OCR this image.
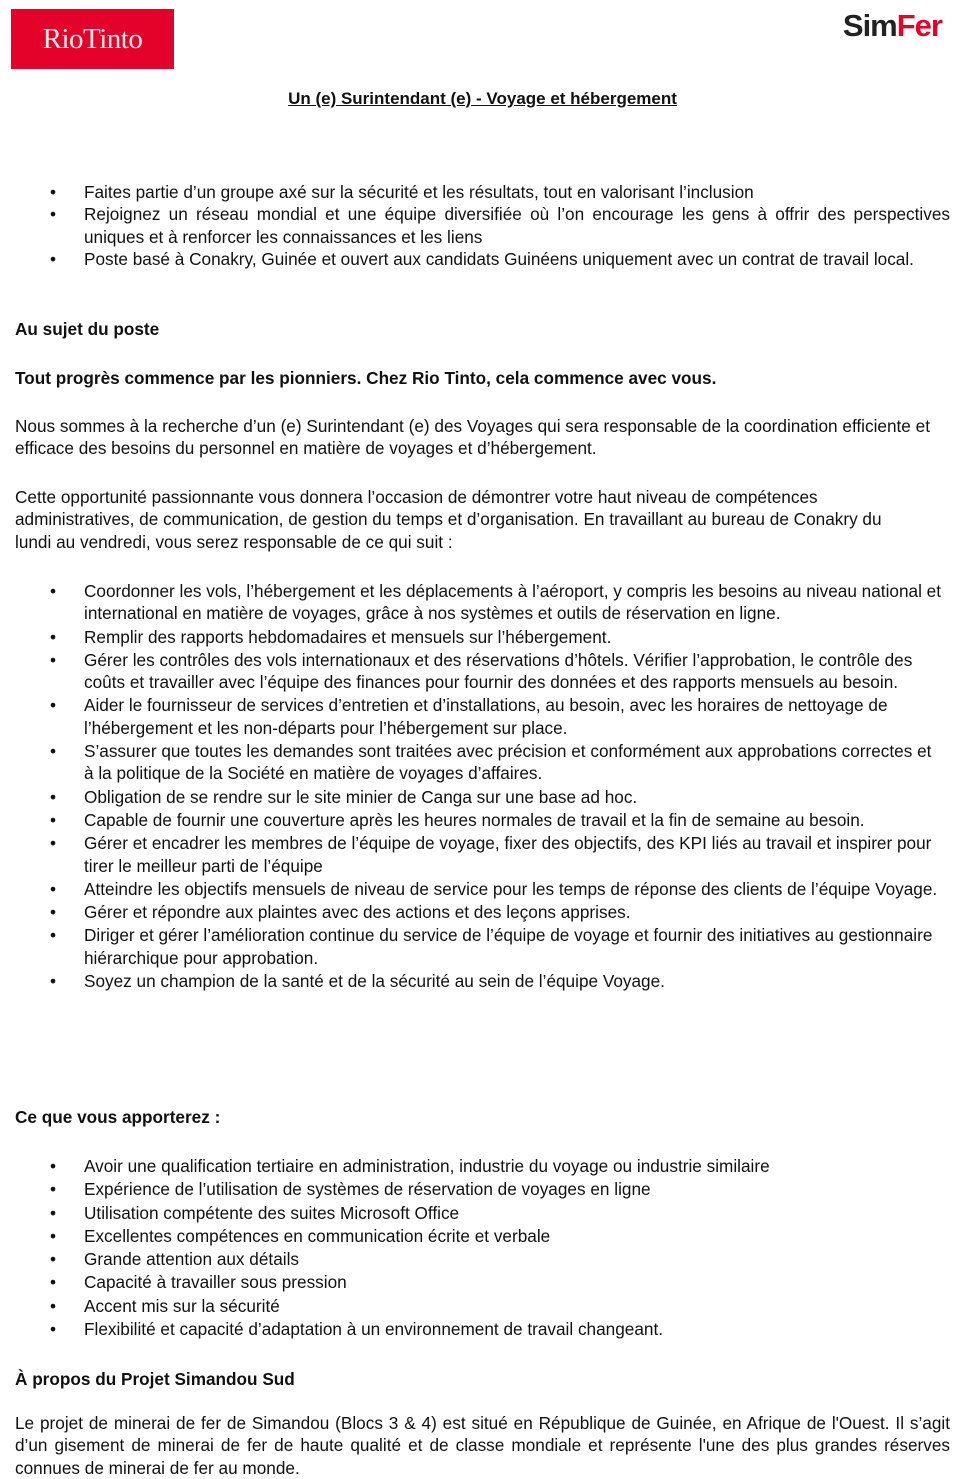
RioTinto	SimFer
Un (e) Surintendant (e) - Voyage et hébergement
• Faites partie d’un groupe axé sur la sécurité et les résultats, tout en valorisant l’inclusion
• Rejoignez un réseau mondial et une équipe diversifiée où l’on encourage les gens à offrir des perspectives uniques et à renforcer les connaissances et les liens
• Poste basé à Conakry, Guinée et ouvert aux candidats Guinéens uniquement avec un contrat de travail local.
Au sujet du poste
Tout progrès commence par les pionniers. Chez Rio Tinto, cela commence avec vous.
Nous sommes à la recherche d’un (e) Surintendant (e) des Voyages qui sera responsable de la coordination efficiente et efficace des besoins du personnel en matière de voyages et d’hébergement.
Cette opportunité passionnante vous donnera l’occasion de démontrer votre haut niveau de compétences administratives, de communication, de gestion du temps et d’organisation. En travaillant au bureau de Conakry du lundi au vendredi, vous serez responsable de ce qui suit :
• Coordonner les vols, l’hébergement et les déplacements à l’aéroport, y compris les besoins au niveau national et international en matière de voyages, grâce à nos systèmes et outils de réservation en ligne.
• Remplir des rapports hebdomadaires et mensuels sur l’hébergement.
• Gérer les contrôles des vols internationaux et des réservations d’hôtels. Vérifier l’approbation, le contrôle des coûts et travailler avec l’équipe des finances pour fournir des données et des rapports mensuels au besoin.
• Aider le fournisseur de services d’entretien et d’installations, au besoin, avec les horaires de nettoyage de l’hébergement et les non-départs pour l’hébergement sur place.
• S’assurer que toutes les demandes sont traitées avec précision et conformément aux approbations correctes et à la politique de la Société en matière de voyages d’affaires.
• Obligation de se rendre sur le site minier de Canga sur une base ad hoc.
• Capable de fournir une couverture après les heures normales de travail et la fin de semaine au besoin.
• Gérer et encadrer les membres de l’équipe de voyage, fixer des objectifs, des KPI liés au travail et inspirer pour tirer le meilleur parti de l’équipe
• Atteindre les objectifs mensuels de niveau de service pour les temps de réponse des clients de l’équipe Voyage.
• Gérer et répondre aux plaintes avec des actions et des leçons apprises.
• Diriger et gérer l’amélioration continue du service de l’équipe de voyage et fournir des initiatives au gestionnaire hiérarchique pour approbation.
• Soyez un champion de la santé et de la sécurité au sein de l’équipe Voyage.
Ce que vous apporterez :
• Avoir une qualification tertiaire en administration, industrie du voyage ou industrie similaire
• Expérience de l’utilisation de systèmes de réservation de voyages en ligne
• Utilisation compétente des suites Microsoft Office
• Excellentes compétences en communication écrite et verbale
• Grande attention aux détails
• Capacité à travailler sous pression
• Accent mis sur la sécurité
• Flexibilité et capacité d’adaptation à un environnement de travail changeant.
À propos du Projet Simandou Sud
Le projet de minerai de fer de Simandou (Blocs 3 & 4) est situé en République de Guinée, en Afrique de l'Ouest. Il s’agit d’un gisement de minerai de fer de haute qualité et de classe mondiale et représente l'une des plus grandes réserves connues de minerai de fer au monde.
